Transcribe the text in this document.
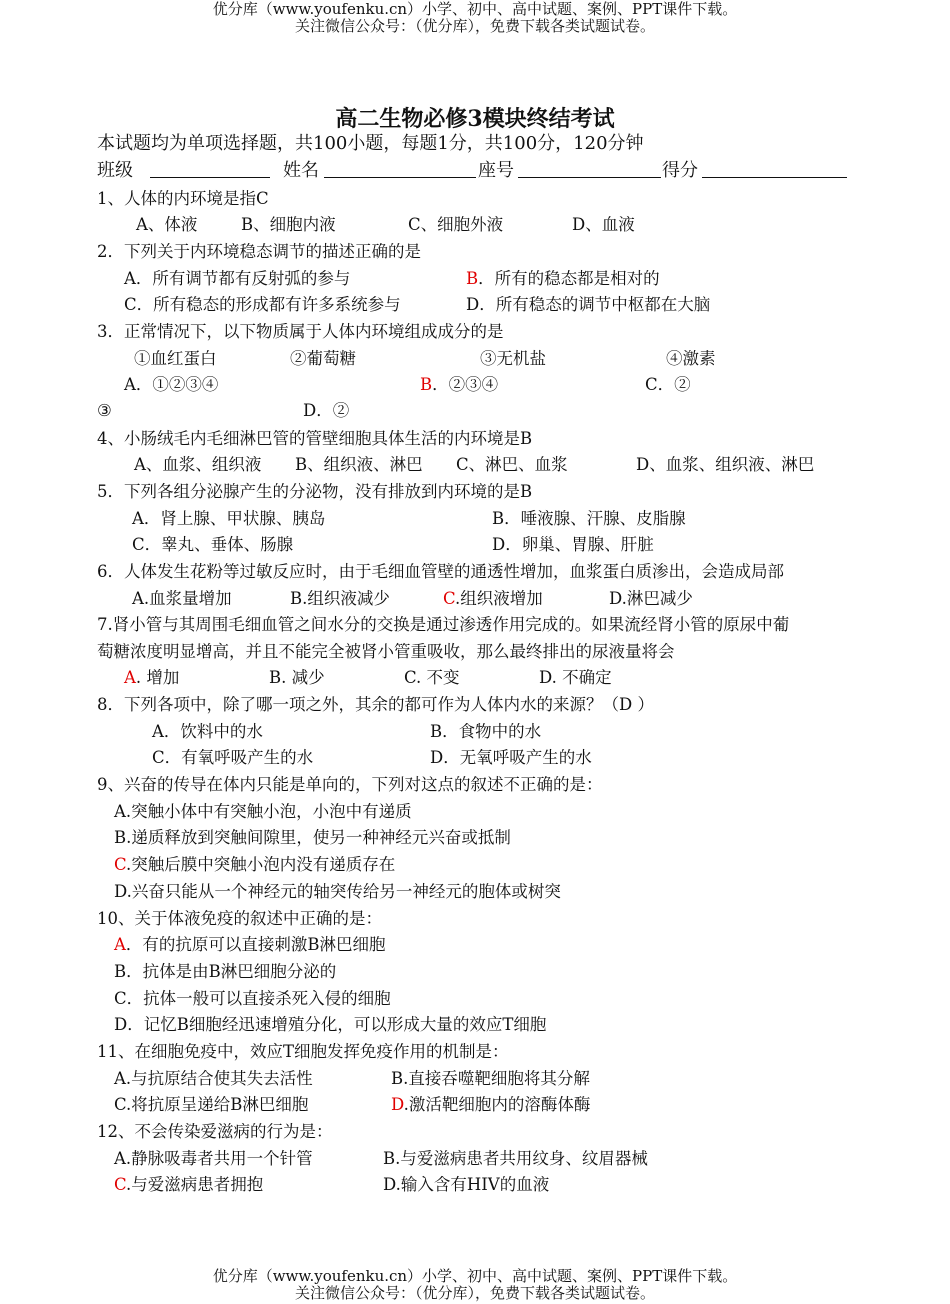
优分库（www.youfenku.cn）小学、初中、高中试题、案例、PPT课件下载。
关注微信公众号：（优分库），免费下载各类试题试卷。
高二生物必修3模块终结考试
本试题均为单项选择题，共100小题，每题1分，共100分，120分钟
班级	姓名	座号	得分
1、人体的内环境是指C
A、体液	B、细胞内液	C、细胞外液	D、血液
2．下列关于内环境稳态调节的描述正确的是
A．所有调节都有反射弧的参与	B．所有的稳态都是相对的
C．所有稳态的形成都有许多系统参与	D．所有稳态的调节中枢都在大脑
3．正常情况下，以下物质属于人体内环境组成成分的是
①血红蛋白	②葡萄糖	③无机盐	④激素
A．①②③④	B．②③④	C．②
③	D．②
4、小肠绒毛内毛细淋巴管的管壁细胞具体生活的内环境是B
A、血浆、组织液 B、组织液、淋巴 C、淋巴、血浆	D、血浆、组织液、淋巴
5．下列各组分泌腺产生的分泌物，没有排放到内环境的是B
A．肾上腺、甲状腺、胰岛	B．唾液腺、汗腺、皮脂腺
C．睾丸、垂体、肠腺	D．卵巢、胃腺、肝脏
6．人体发生花粉等过敏反应时，由于毛细血管壁的通透性增加，血浆蛋白质渗出，会造成局部
A.血浆量增加	B.组织液减少	C.组织液增加	D.淋巴减少
7.肾小管与其周围毛细血管之间水分的交换是通过渗透作用完成的。如果流经肾小管的原尿中葡
萄糖浓度明显增高，并且不能完全被肾小管重吸收，那么最终排出的尿液量将会
A. 增加	B. 减少	C. 不变	D. 不确定
8．下列各项中，除了哪一项之外，其余的都可作为人体内水的来源？（D ）
A．饮料中的水	B．食物中的水
C．有氧呼吸产生的水	D．无氧呼吸产生的水
9、兴奋的传导在体内只能是单向的，下列对这点的叙述不正确的是：
A.突触小体中有突触小泡，小泡中有递质
B.递质释放到突触间隙里，使另一种神经元兴奋或抵制
C.突触后膜中突触小泡内没有递质存在
D.兴奋只能从一个神经元的轴突传给另一神经元的胞体或树突
10、关于体液免疫的叙述中正确的是：
A．有的抗原可以直接刺激B淋巴细胞
B．抗体是由B淋巴细胞分泌的
C．抗体一般可以直接杀死入侵的细胞
D．记忆B细胞经迅速增殖分化，可以形成大量的效应T细胞
11、在细胞免疫中，效应T细胞发挥免疫作用的机制是：
A.与抗原结合使其失去活性	B.直接吞噬靶细胞将其分解
C.将抗原呈递给B淋巴细胞	D.激活靶细胞内的溶酶体酶
12、不会传染爱滋病的行为是：
A.静脉吸毒者共用一个针管	B.与爱滋病患者共用纹身、纹眉器械
C.与爱滋病患者拥抱	D.输入含有HIV的血液
优分库（www.youfenku.cn）小学、初中、高中试题、案例、PPT课件下载。
关注微信公众号：（优分库），免费下载各类试题试卷。
